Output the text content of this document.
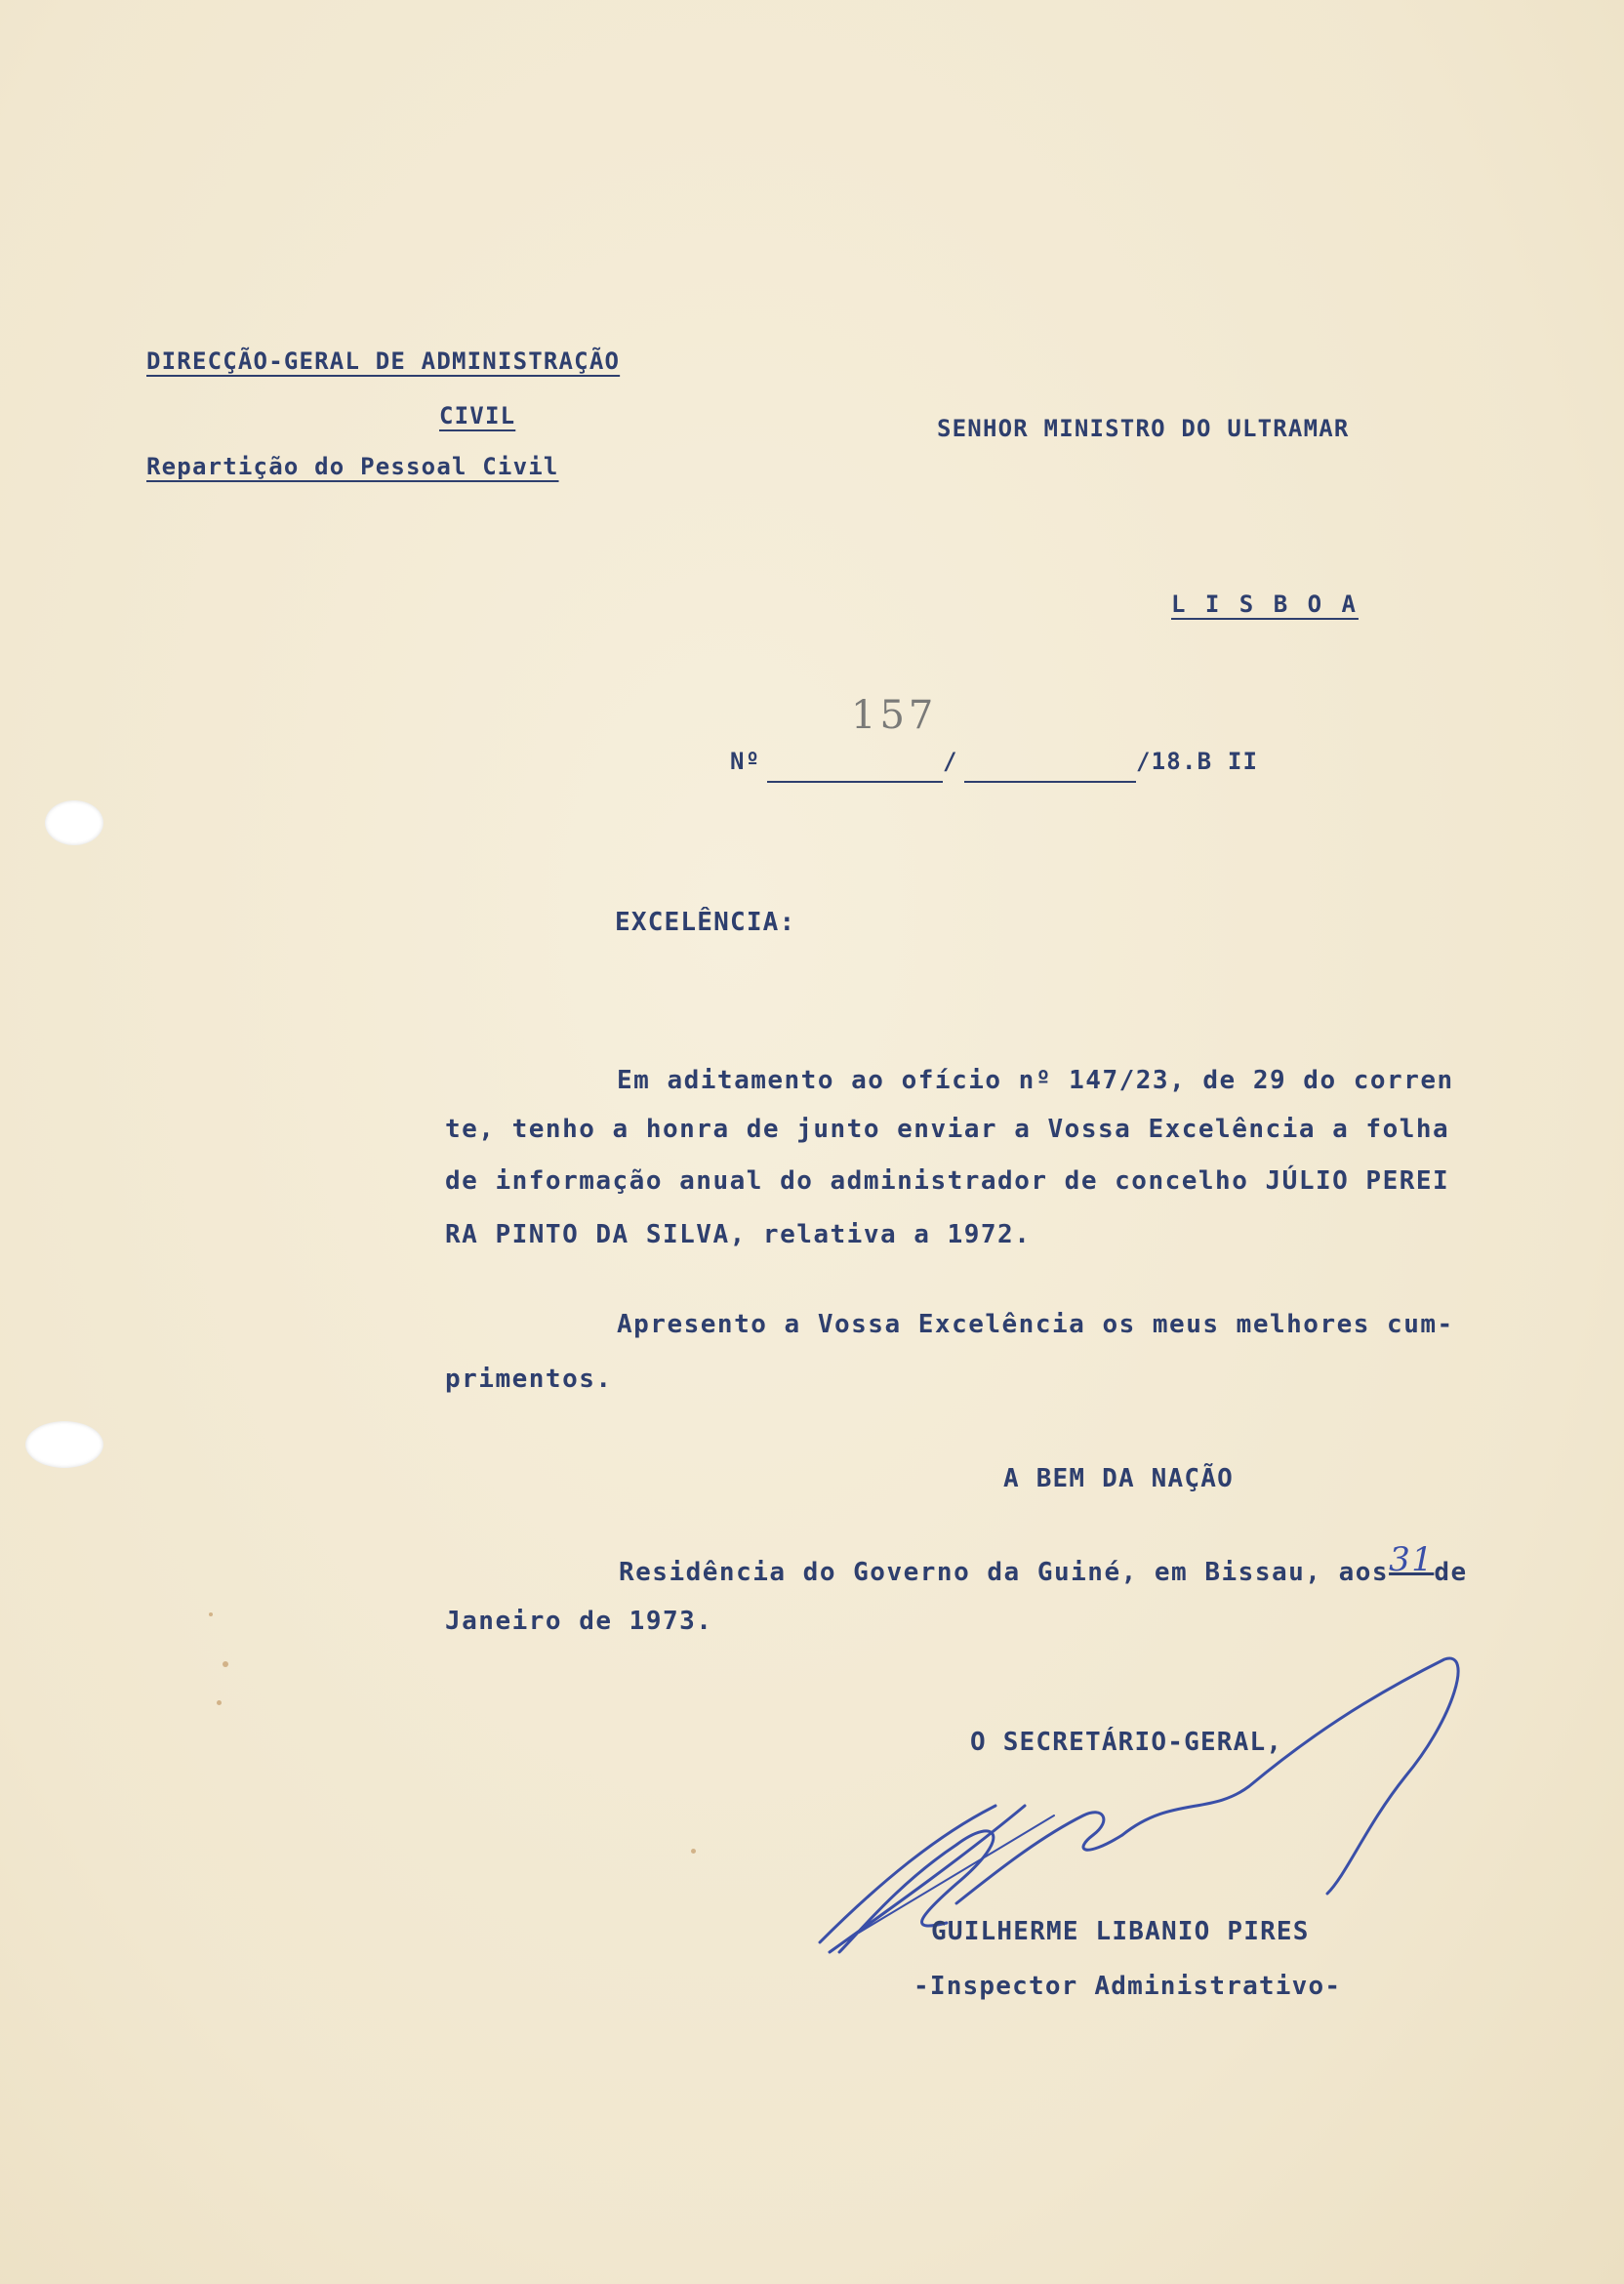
DIRECÇÃO-GERAL DE ADMINISTRAÇÃO
CIVIL
Repartição do Pessoal Civil
SENHOR MINISTRO DO ULTRAMAR
L I S B O A
157
Nº	/	/18.B II
EXCELÊNCIA:
Em aditamento ao ofício nº 147/23, de 29 do corren
te, tenho a honra de junto enviar a Vossa Excelência a folha
de informação anual do administrador de concelho JÚLIO PEREI
RA PINTO DA SILVA, relativa a 1972.
Apresento a Vossa Excelência os meus melhores cum-
primentos.
A BEM DA NAÇÃO
Residência do Governo da Guiné, em Bissau, aos31de
Janeiro de 1973.
O SECRETÁRIO-GERAL,
GUILHERME LIBANIO PIRES
-Inspector Administrativo-
